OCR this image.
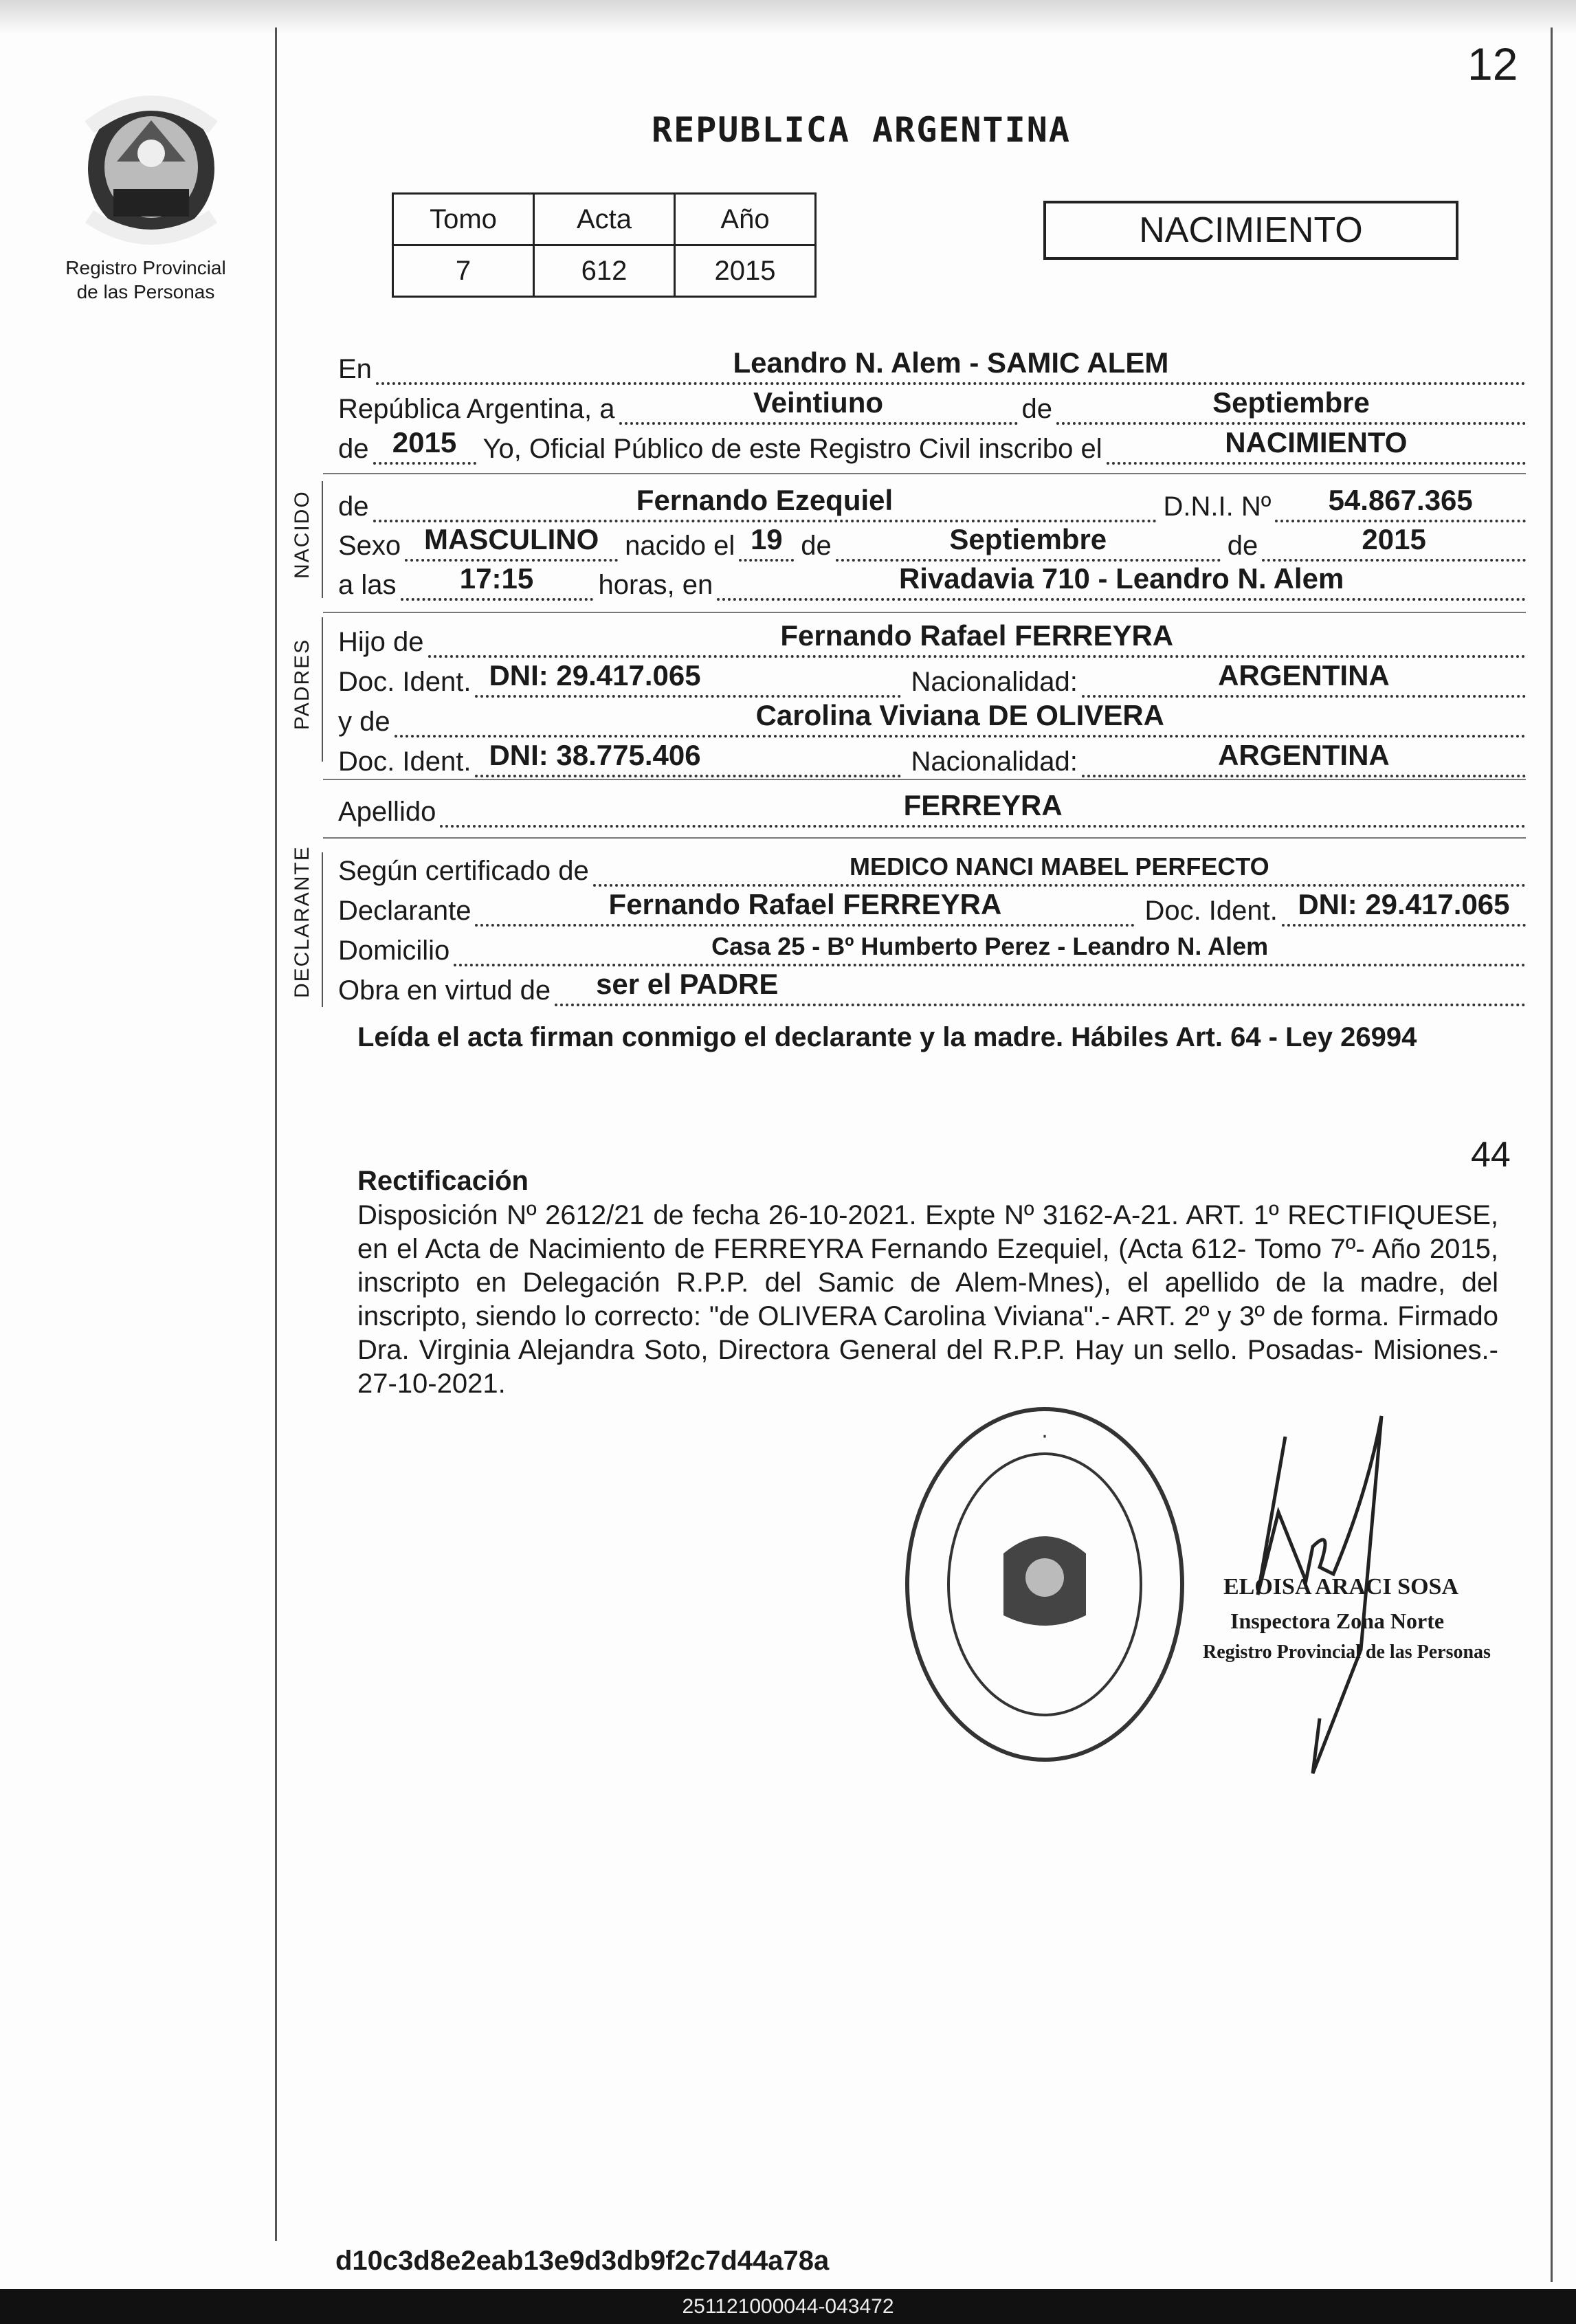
12
Registro Provincial
de las Personas
REPUBLICA ARGENTINA
Tomo	Acta	Año
7	612	2015
NACIMIENTO
En	Leandro N. Alem - SAMIC ALEM
República Argentina, a	Veintiuno	de	Septiembre
de 2015 Yo, Oficial Público de este Registro Civil inscribo el	NACIMIENTO
NACIDO de	Fernando Ezequiel	D.N.I. Nº	54.867.365
Sexo MASCULINO nacido el 19 de	Septiembre	de	2015
a las	17:15	horas, en	Rivadavia 710 - Leandro N. Alem
PADRES Hijo de	Fernando Rafael FERREYRA
Doc. Ident. DNI: 29.417.065	Nacionalidad:	ARGENTINA
y de	Carolina Viviana DE OLIVERA
Doc. Ident. DNI: 38.775.406	Nacionalidad:	ARGENTINA
Apellido	FERREYRA
DECLARANTE Según certificado de	MEDICO NANCI MABEL PERFECTO
Declarante	Fernando Rafael FERREYRA	Doc. Ident. DNI: 29.417.065
Domicilio	Casa 25 - Bº Humberto Perez - Leandro N. Alem
Obra en virtud de ser el PADRE
Leída el acta firman conmigo el declarante y la madre. Hábiles Art. 64 - Ley 26994
44
Rectificación
Disposición Nº 2612/21 de fecha 26-10-2021. Expte Nº 3162-A-21. ART. 1º RECTIFIQUESE, en el Acta de Nacimiento de FERREYRA Fernando Ezequiel, (Acta 612- Tomo 7º- Año 2015, inscripto en Delegación R.P.P. del Samic de Alem-Mnes), el apellido de la madre, del inscripto, siendo lo correcto: "de OLIVERA Carolina Viviana".- ART. 2º y 3º de forma. Firmado Dra. Virginia Alejandra Soto, Directora General del R.P.P. Hay un sello. Posadas- Misiones.- 27-10-2021.
·
ELOISA ARACI SOSA
Inspectora Zona Norte
Registro Provincial de las Personas
d10c3d8e2eab13e9d3db9f2c7d44a78a
251121000044-043472
